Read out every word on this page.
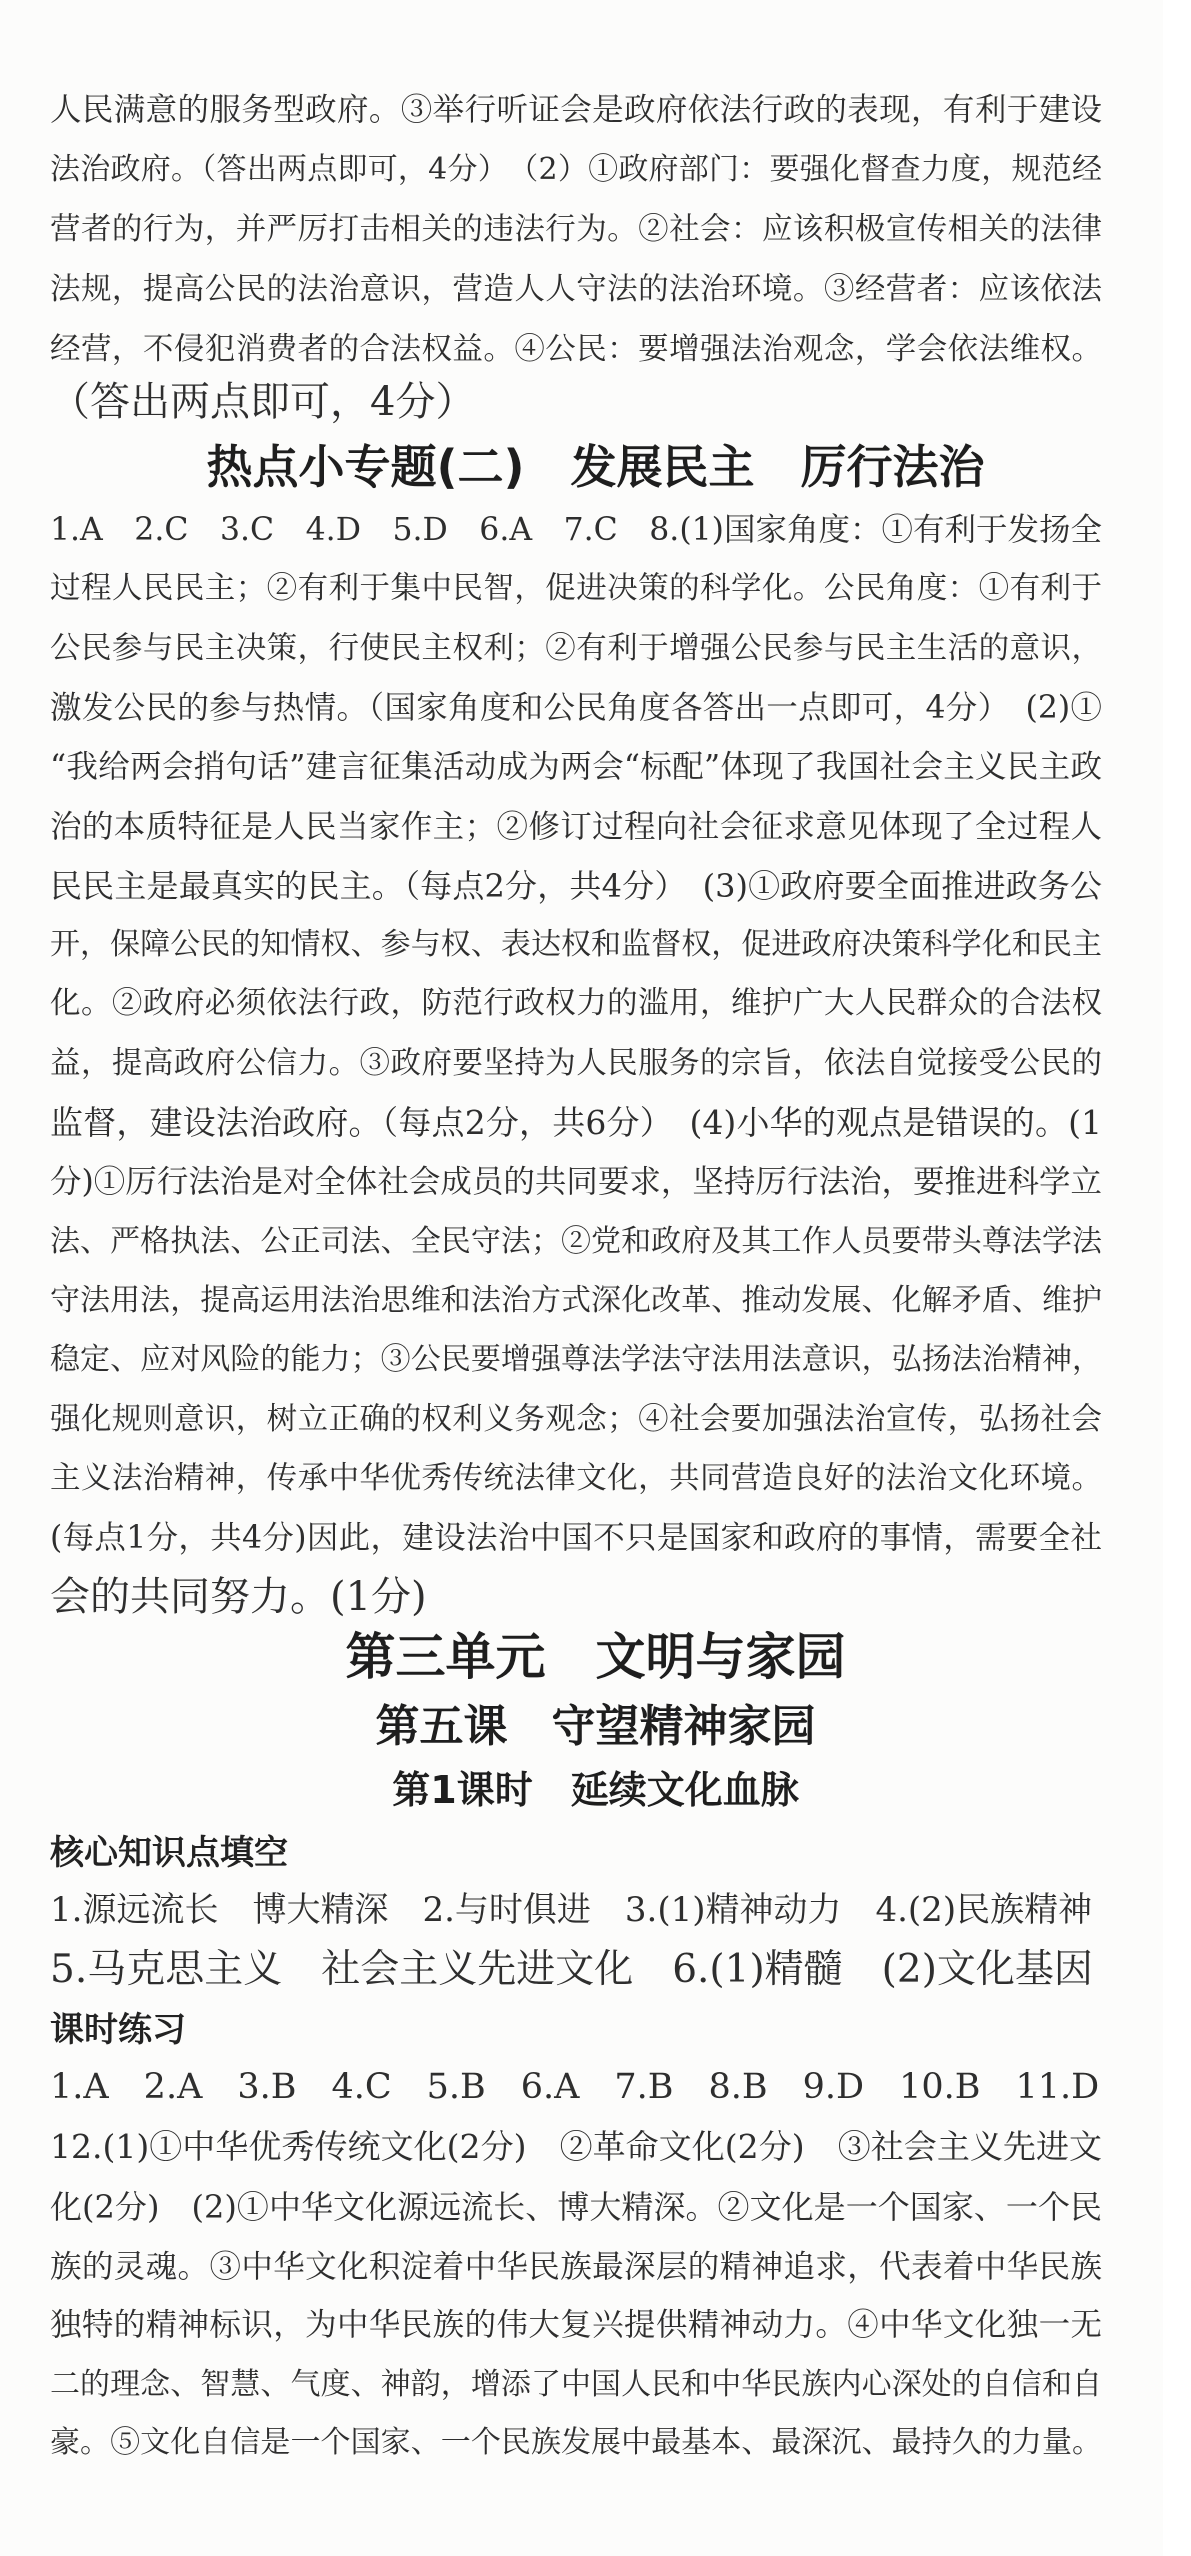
人民满意的服务型政府。③举行听证会是政府依法行政的表现，有利于建设
法治政府。（答出两点即可，4分）　（2）①政府部门：要强化督查力度，规范经
营者的行为，并严厉打击相关的违法行为。②社会：应该积极宣传相关的法律
法规，提高公民的法治意识，营造人人守法的法治环境。③经营者：应该依法
经营，不侵犯消费者的合法权益。④公民：要增强法治观念，学会依法维权。
（答出两点即可，4分）
热点小专题(二)　发展民主　厉行法治
1.A　2.C　3.C　4.D　5.D　6.A　7.C　8.(1)国家角度：①有利于发扬全
过程人民民主；②有利于集中民智，促进决策的科学化。公民角度：①有利于
公民参与民主决策，行使民主权利；②有利于增强公民参与民主生活的意识，
激发公民的参与热情。（国家角度和公民角度各答出一点即可，4分）　(2)①
“我给两会捎句话”建言征集活动成为两会“标配”体现了我国社会主义民主政
治的本质特征是人民当家作主；②修订过程向社会征求意见体现了全过程人
民民主是最真实的民主。（每点2分，共4分）　(3)①政府要全面推进政务公
开，保障公民的知情权、参与权、表达权和监督权，促进政府决策科学化和民主
化。②政府必须依法行政，防范行政权力的滥用，维护广大人民群众的合法权
益，提高政府公信力。③政府要坚持为人民服务的宗旨，依法自觉接受公民的
监督，建设法治政府。（每点2分，共6分）　(4)小华的观点是错误的。(1
分)①厉行法治是对全体社会成员的共同要求，坚持厉行法治，要推进科学立
法、严格执法、公正司法、全民守法；②党和政府及其工作人员要带头尊法学法
守法用法，提高运用法治思维和法治方式深化改革、推动发展、化解矛盾、维护
稳定、应对风险的能力；③公民要增强尊法学法守法用法意识，弘扬法治精神，
强化规则意识，树立正确的权利义务观念；④社会要加强法治宣传，弘扬社会
主义法治精神，传承中华优秀传统法律文化，共同营造良好的法治文化环境。
(每点1分，共4分)因此，建设法治中国不只是国家和政府的事情，需要全社
会的共同努力。(1分)
第三单元　文明与家园
第五课　守望精神家园
第1课时　延续文化血脉
核心知识点填空
1.源远流长　博大精深　2.与时俱进　3.(1)精神动力　4.(2)民族精神
5.马克思主义　社会主义先进文化　6.(1)精髓　(2)文化基因
课时练习
1.A　2.A　3.B　4.C　5.B　6.A　7.B　8.B　9.D　10.B　11.D
12.(1)①中华优秀传统文化(2分)　②革命文化(2分)　③社会主义先进文
化(2分)　(2)①中华文化源远流长、博大精深。②文化是一个国家、一个民
族的灵魂。③中华文化积淀着中华民族最深层的精神追求，代表着中华民族
独特的精神标识，为中华民族的伟大复兴提供精神动力。④中华文化独一无
二的理念、智慧、气度、神韵，增添了中国人民和中华民族内心深处的自信和自
豪。⑤文化自信是一个国家、一个民族发展中最基本、最深沉、最持久的力量。
